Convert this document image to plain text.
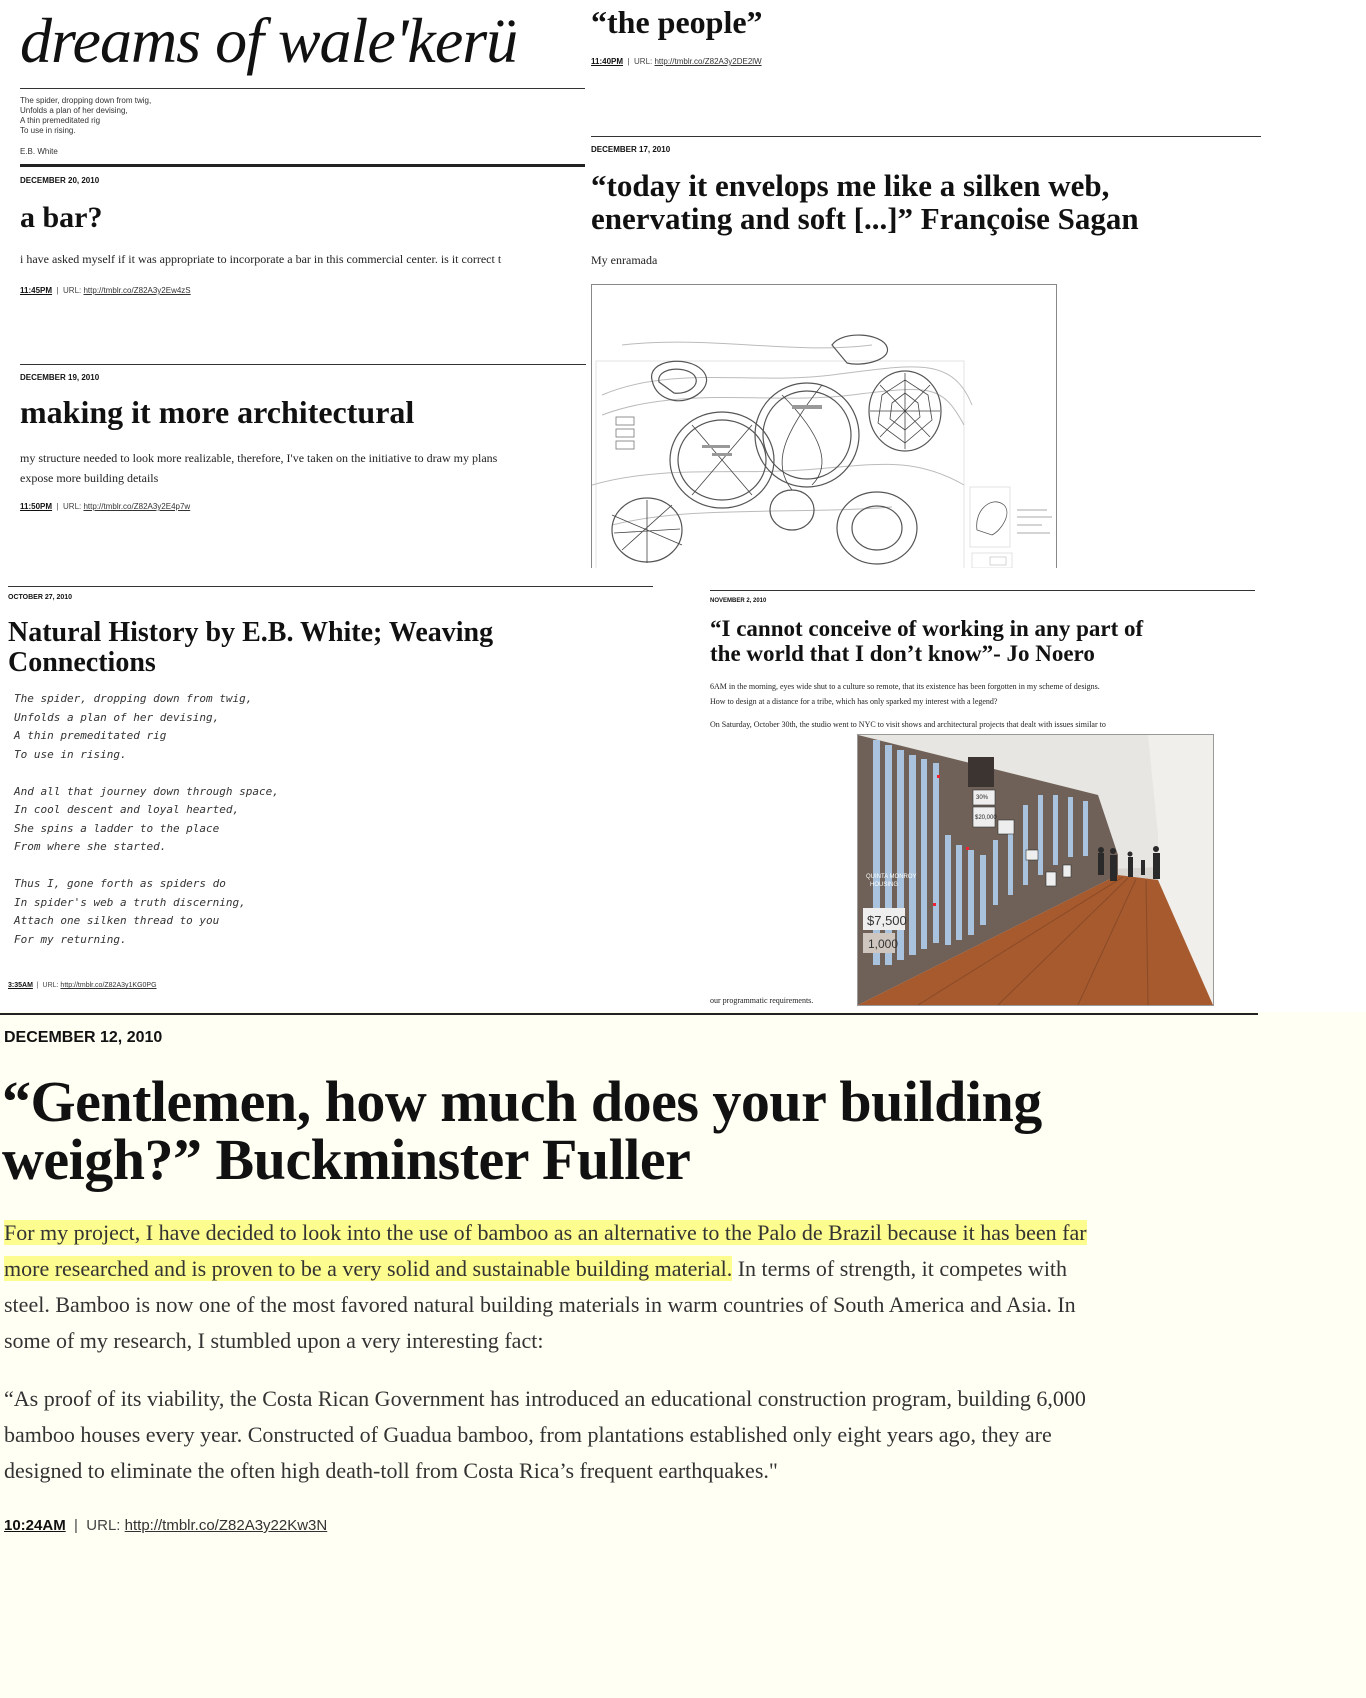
dreams of wale'kerü
The spider, dropping down from twig,
Unfolds a plan of her devising,
A thin premeditated rig
To use in rising.
E.B. White
“the people”
11:40PM  |  URL: http://tmblr.co/Z82A3y2DE2lW
DECEMBER 20, 2010
a bar?
i have asked myself if it was appropriate to incorporate a bar in this commercial center. is it correct t
11:45PM  |  URL: http://tmblr.co/Z82A3y2Ew4zS
DECEMBER 17, 2010
“today it envelops me like a silken web,
enervating and soft [...]” Françoise Sagan
My enramada
DECEMBER 19, 2010
making it more architectural
my structure needed to look more realizable, therefore, I've taken on the initiative to draw my plans
expose more building details
11:50PM  |  URL: http://tmblr.co/Z82A3y2E4p7w
OCTOBER 27, 2010
Natural History by E.B. White; Weaving
Connections
The spider, dropping down from twig,
Unfolds a plan of her devising,
A thin premeditated rig
To use in rising.

And all that journey down through space,
In cool descent and loyal hearted,
She spins a ladder to the place
From where she started.

Thus I, gone forth as spiders do
In spider's web a truth discerning,
Attach one silken thread to you
For my returning.
3:35AM  |  URL: http://tmblr.co/Z82A3y1KG0PG
NOVEMBER 2, 2010
“I cannot conceive of working in any part of
the world that I don’t know”- Jo Noero
6AM in the morning, eyes wide shut to a culture so remote, that its existence has been forgotten in my scheme of designs.
How to design at a distance for a tribe, which has only sparked my interest with a legend?
On Saturday, October 30th, the studio went to NYC to visit shows and architectural projects that dealt with issues similar to
QUINTA MONROY
HOUSING
$7,500
1,000
30%
$20,000
our programmatic requirements.
DECEMBER 12, 2010
“Gentlemen, how much does your building
weigh?” Buckminster Fuller
For my project, I have decided to look into the use of bamboo as an alternative to the Palo de Brazil because it has been far
more researched and is proven to be a very solid and sustainable building material. In terms of strength, it competes with
steel. Bamboo is now one of the most favored natural building materials in warm countries of South America and Asia. In
some of my research, I stumbled upon a very interesting fact:
“As proof of its viability, the Costa Rican Government has introduced an educational construction program, building 6,000
bamboo houses every year. Constructed of Guadua bamboo, from plantations established only eight years ago, they are
designed to eliminate the often high death-toll from Costa Rica’s frequent earthquakes."
10:24AM  |  URL: http://tmblr.co/Z82A3y22Kw3N
